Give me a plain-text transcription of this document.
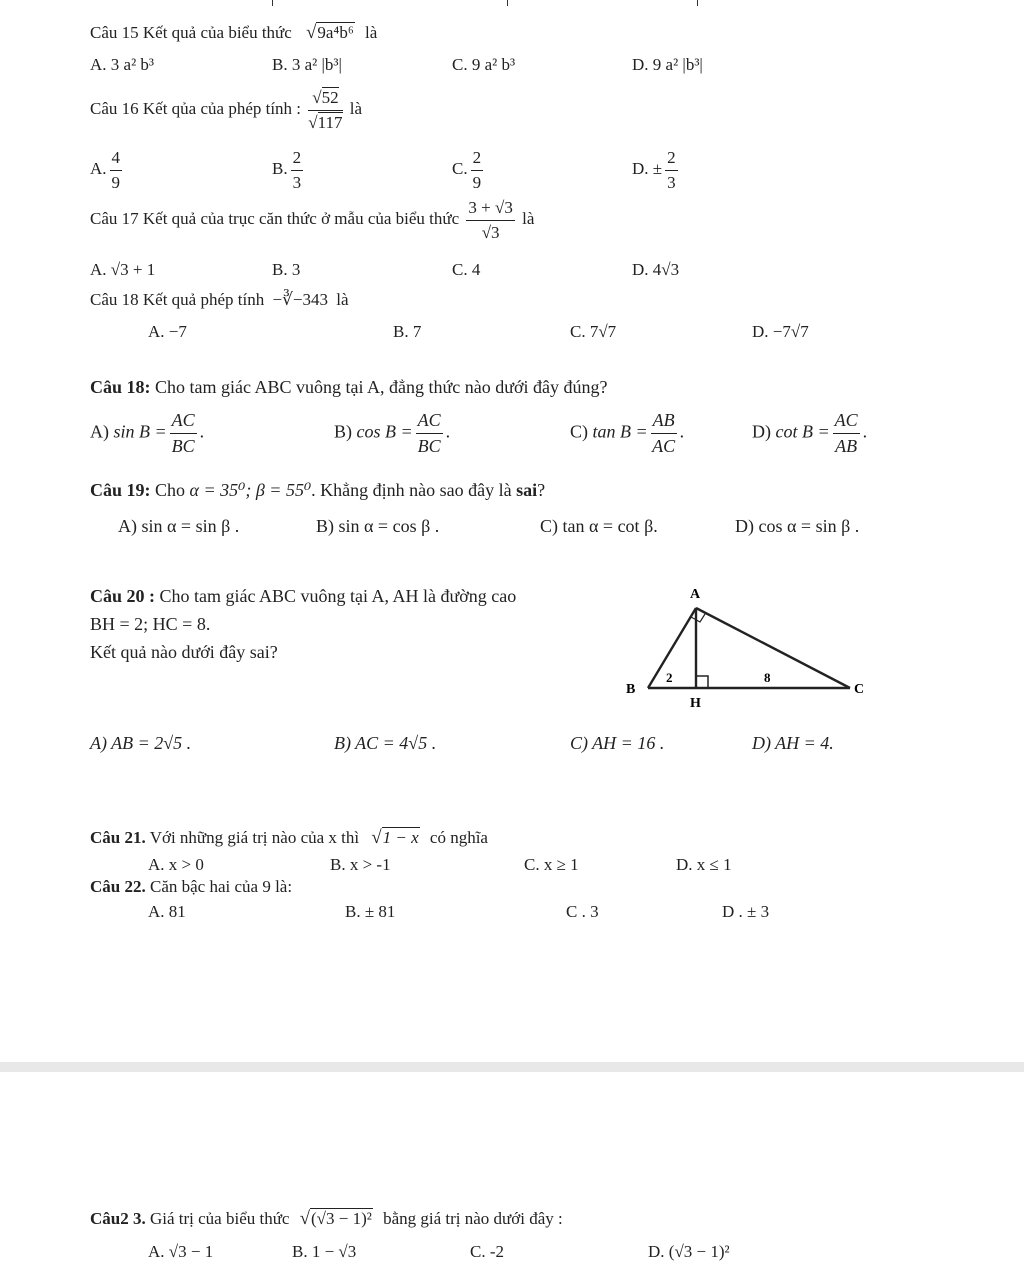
Câu 15 Kết quả của biểu thức √9a⁴b⁶ là
A. 3 a² b³	B. 3 a² |b³|	C. 9 a² b³	D. 9 a² |b³|
Câu 16 Kết qủa của phép tính : $\frac{√52}{√117}$ là
A. $\frac{4}{9}$	B. $\frac{2}{3}$	C. $\frac{2}{9}$	D. ± $\frac{2}{3}$
Câu 17 Kết quả của trục căn thức ở mẫu của biểu thức $\frac{3 + √3}{√3}$ là
A. √3 + 1	B. 3	C. 4	D. 4√3
Câu 18 Kết quả phép tính −∛−343 là
A. −7	B. 7	C. 7√7	D. −7√7
Câu 18: Cho tam giác ABC vuông tại A, đẳng thức nào dưới đây đúng?
A) $\sin B = \frac{AC}{BC}$ .	B) $\cos B = \frac{AC}{BC}$ .	C) $\tan B = \frac{AB}{AC}$ .	D) $\cot B = \frac{AC}{AB}$ .
Câu 19: Cho α = 35⁰; β = 55⁰. Khẳng định nào sao đây là sai?
A) sin α = sin β .	B) sin α = cos β .	C) tan α = cot β.	D) cos α = sin β .
Câu 20 : Cho tam giác ABC vuông tại A, AH là đường cao
BH = 2; HC = 8.
Kết quả nào dưới đây sai?
A
B	C
H
2	8
A) AB = 2√5 .	B) AC = 4√5 .	C) AH = 16 .	D) AH = 4.
Câu 21. Với những giá trị nào của x thì √1 − x có nghĩa
A. x > 0	B. x > -1	C. x ≥ 1	D. x ≤ 1
Câu 22. Căn bậc hai của 9 là:
A. 81	B. ± 81	C . 3	D . ± 3
Câu2 3. Giá trị của biểu thức √(√3 − 1)² bằng giá trị nào dưới đây :
A. √3 − 1	B. 1 − √3	C. -2	D. (√3 − 1)²
